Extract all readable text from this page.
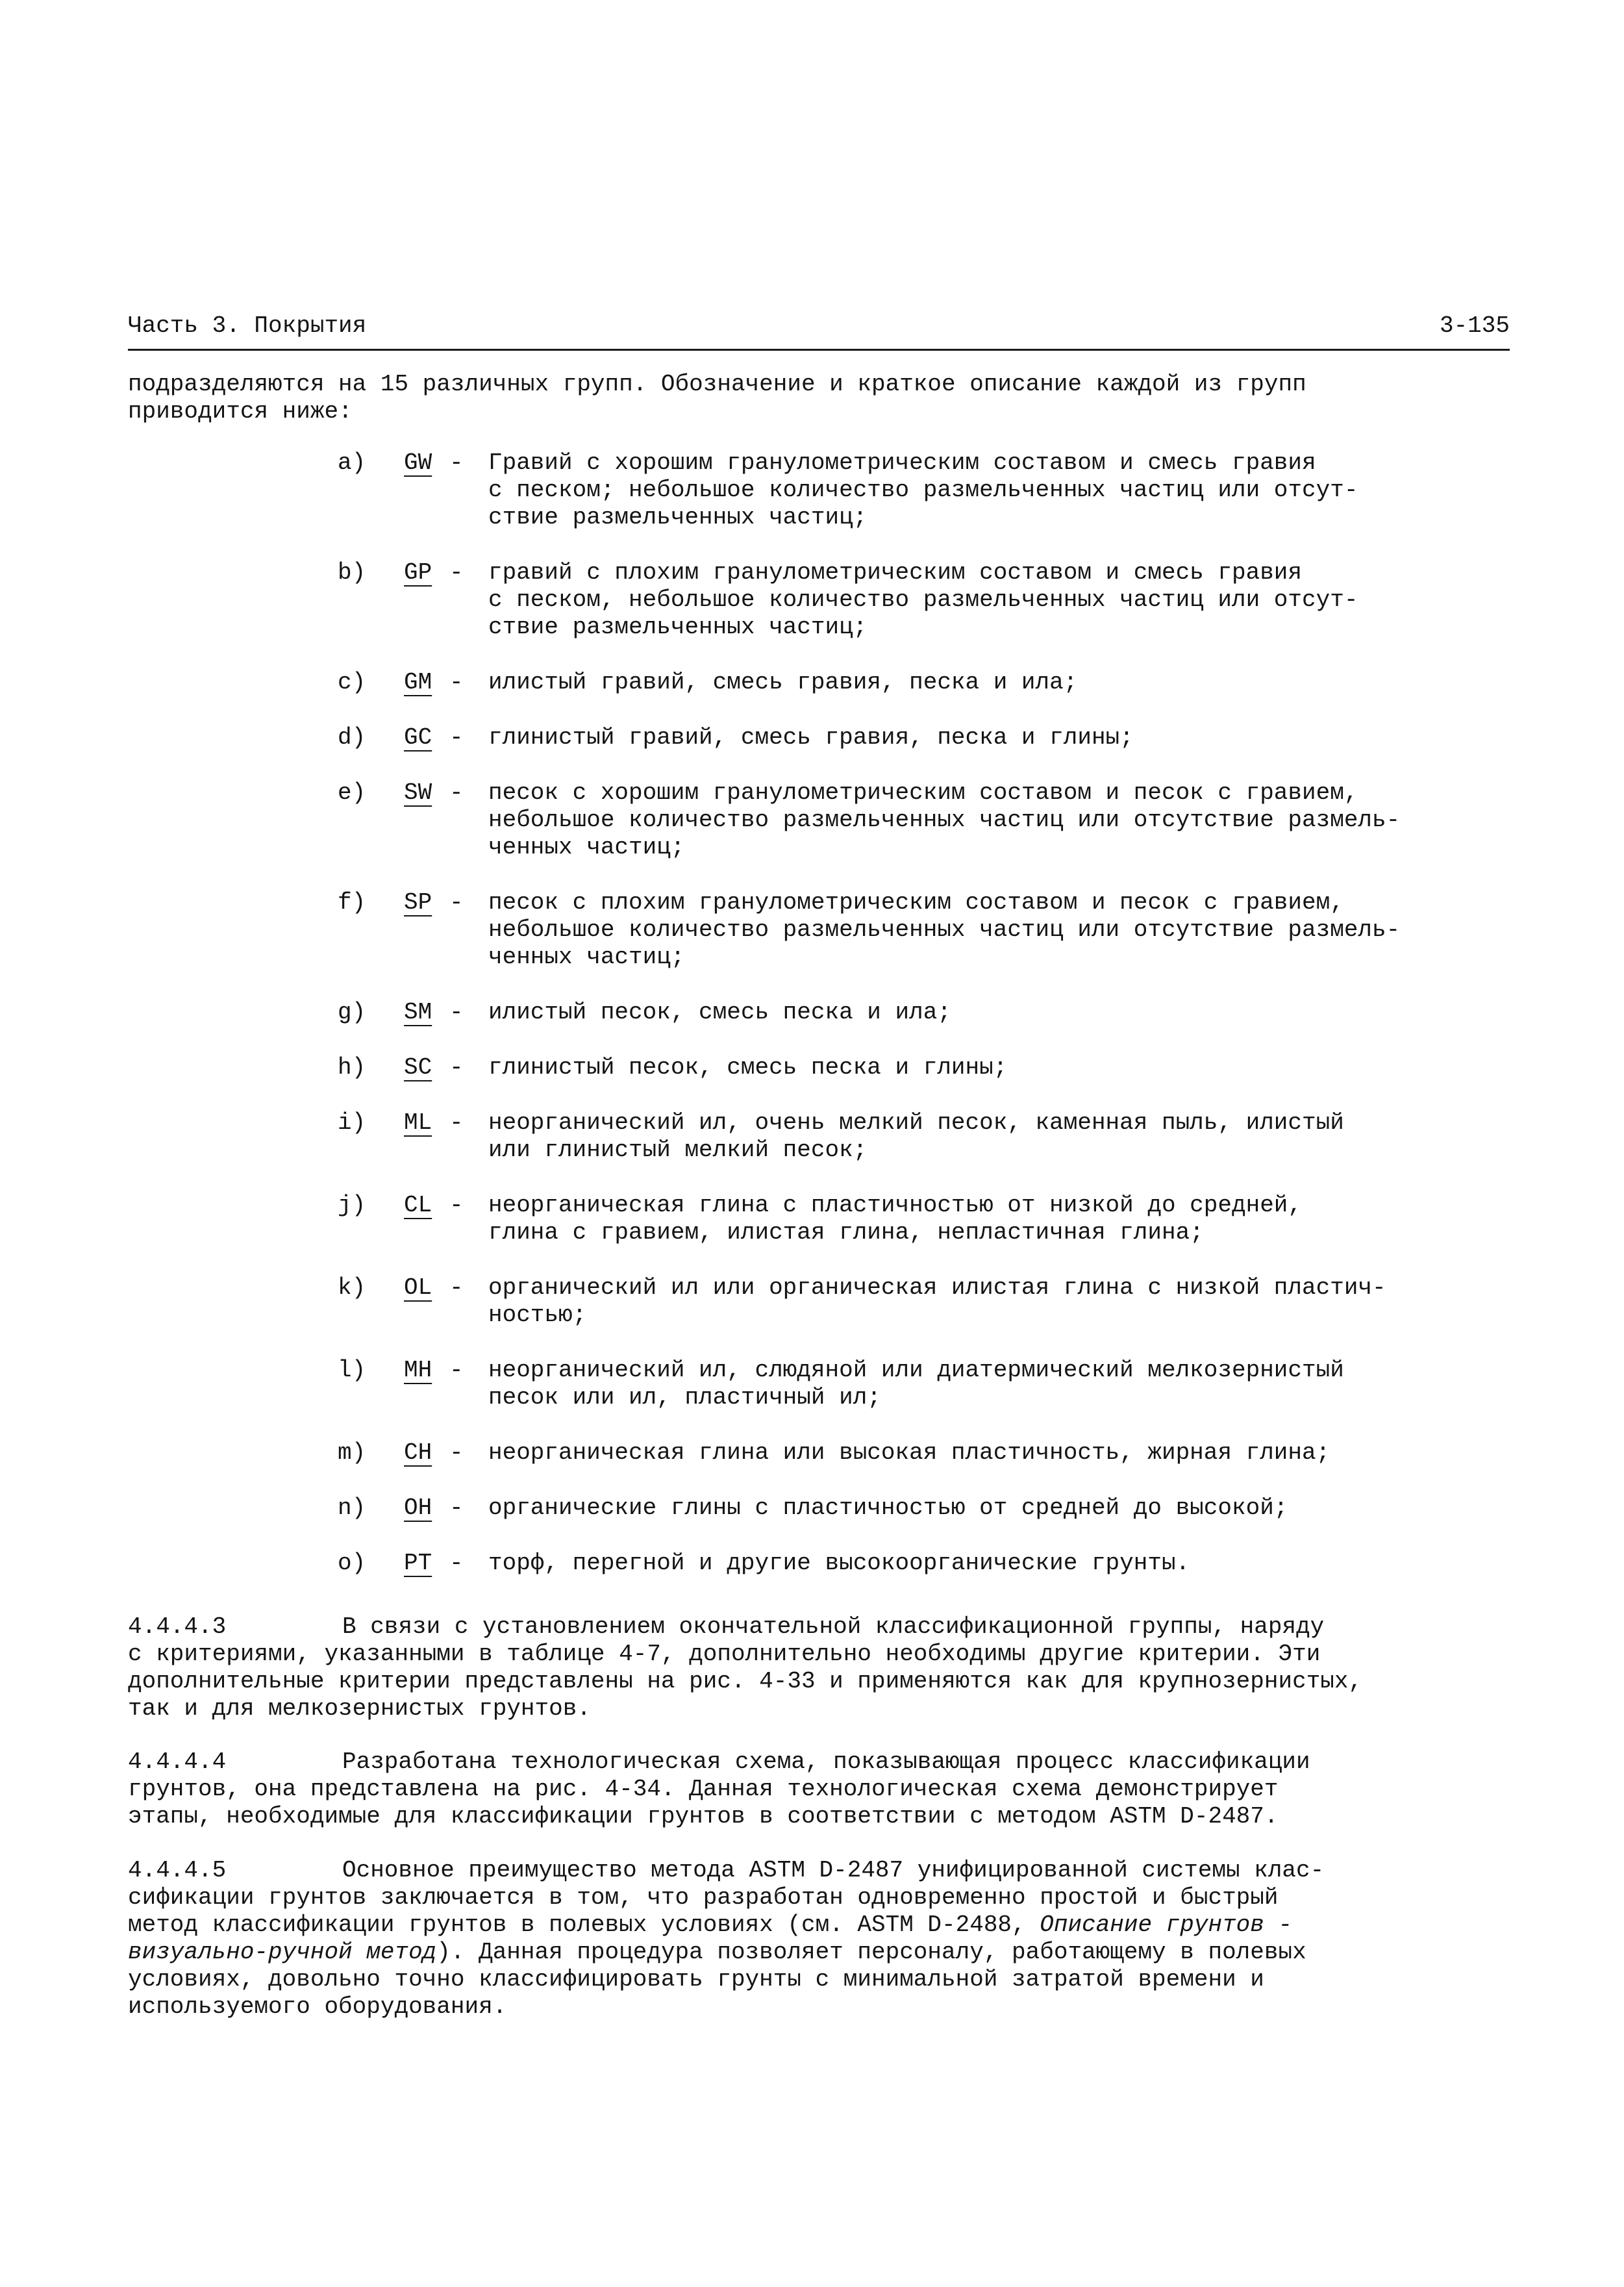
Часть 3. Покрытия	3-135
подразделяются на 15 различных групп. Обозначение и краткое описание каждой из групп
приводится ниже:
a)	GW - Гравий с хорошим гранулометрическим составом и смесь гравия
с песком; небольшое количество размельченных частиц или отсут-
ствие размельченных частиц;
b)	GP - гравий с плохим гранулометрическим составом и смесь гравия
с песком, небольшое количество размельченных частиц или отсут-
ствие размельченных частиц;
c)	GM - илистый гравий, смесь гравия, песка и ила;
d)	GC - глинистый гравий, смесь гравия, песка и глины;
e)	SW - песок с хорошим гранулометрическим составом и песок с гравием,
небольшое количество размельченных частиц или отсутствие размель-
ченных частиц;
f)	SP - песок с плохим гранулометрическим составом и песок с гравием,
небольшое количество размельченных частиц или отсутствие размель-
ченных частиц;
g)	SM - илистый песок, смесь песка и ила;
h)	SC - глинистый песок, смесь песка и глины;
i)	ML - неорганический ил, очень мелкий песок, каменная пыль, илистый
или глинистый мелкий песок;
j)	CL - неорганическая глина с пластичностью от низкой до средней,
глина с гравием, илистая глина, непластичная глина;
k)	OL - органический ил или органическая илистая глина с низкой пластич-
ностью;
l)	MH - неорганический ил, слюдяной или диатермический мелкозернистый
песок или ил, пластичный ил;
m)	CH - неорганическая глина или высокая пластичность, жирная глина;
n)	OH - органические глины с пластичностью от средней до высокой;
o)	PT - торф, перегной и другие высокоорганические грунты.
4.4.4.3	В связи с установлением окончательной классификационной группы, наряду
с критериями, указанными в таблице 4-7, дополнительно необходимы другие критерии. Эти
дополнительные критерии представлены на рис. 4-33 и применяются как для крупнозернистых,
так и для мелкозернистых грунтов.
4.4.4.4	Разработана технологическая схема, показывающая процесс классификации
грунтов, она представлена на рис. 4-34. Данная технологическая схема демонстрирует
этапы, необходимые для классификации грунтов в соответствии с методом ASTM D-2487.
4.4.4.5	Основное преимущество метода ASTM D-2487 унифицированной системы клас-
сификации грунтов заключается в том, что разработан одновременно простой и быстрый
метод классификации грунтов в полевых условиях (см. ASTM D-2488, Описание грунтов -
визуально-ручной метод). Данная процедура позволяет персоналу, работающему в полевых
условиях, довольно точно классифицировать грунты с минимальной затратой времени и
используемого оборудования.
